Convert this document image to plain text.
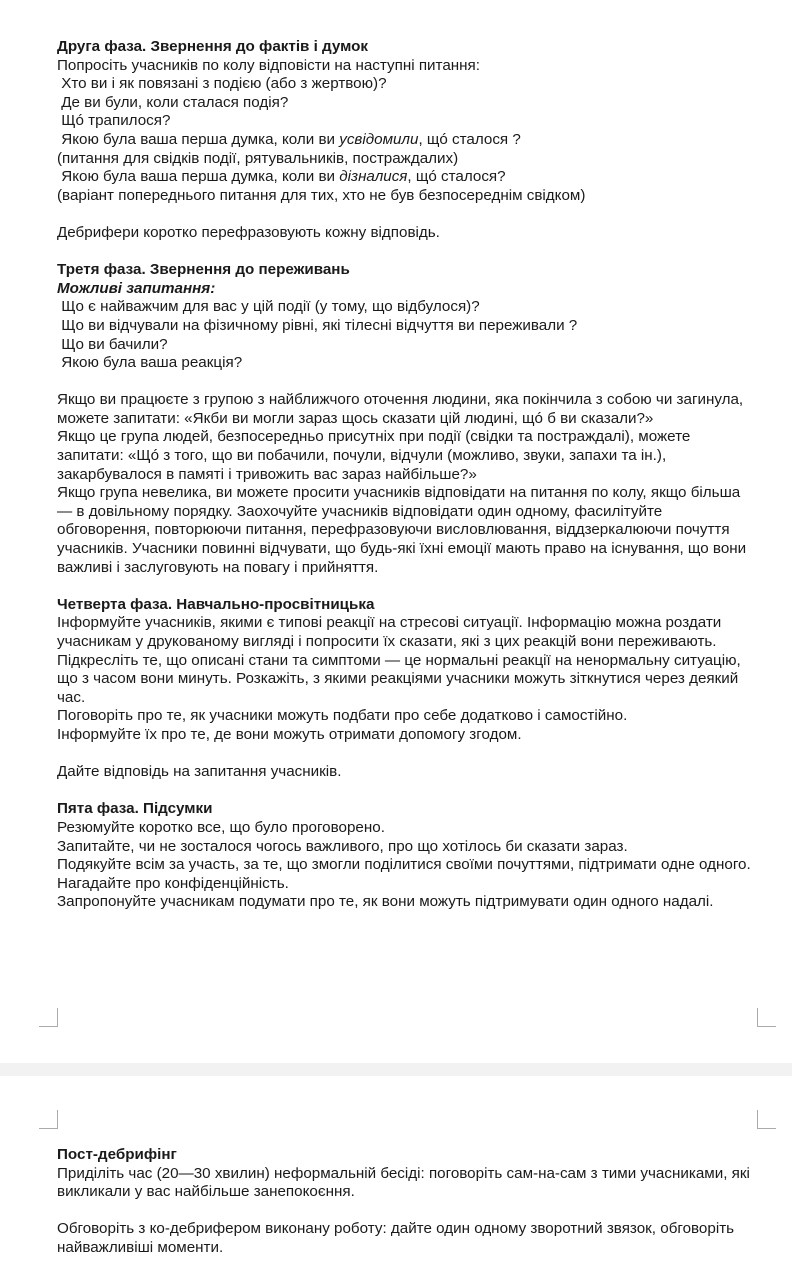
Друга фаза. Звернення до фактів і думок
Попросіть учасників по колу відповісти на наступні питання:
Хто ви і як повязані з подією (або з жертвою)?
Де ви були, коли сталася подія?
Щó трапилося?
Якою була ваша перша думка, коли ви усвідомили, щó сталося ?
(питання для свідків події, рятувальників, постраждалих)
Якою була ваша перша думка, коли ви дізналися, щó сталося?
(варіант попереднього питання для тих, хто не був безпосереднім свідком)
Дебрифери коротко перефразовують кожну відповідь.
Третя фаза. Звернення до переживань
Можливі запитання:
Що є найважчим для вас у цій події (у тому, що відбулося)?
Що ви відчували на фізичному рівні, які тілесні відчуття ви переживали ?
Що ви бачили?
Якою була ваша реакція?
Якщо ви працюєте з групою з найближчого оточення людини, яка покінчила з собою чи загинула, можете запитати: «Якби ви могли зараз щось сказати цій людині, щó б ви сказали?»
Якщо це група людей, безпосередньо присутніх при події (свідки та постраждалі), можете запитати: «Щó з того, що ви побачили, почули, відчули (можливо, звуки, запахи та ін.), закарбувалося в памяті і тривожить вас зараз найбільше?»
Якщо група невелика, ви можете просити учасників відповідати на питання по колу, якщо більша — в довільному порядку. Заохочуйте учасників відповідати один одному, фасилітуйте обговорення, повторюючи питання, перефразовуючи висловлювання, віддзеркалюючи почуття учасників. Учасники повинні відчувати, що будь-які їхні емоції мають право на існування, що вони важливі і заслуговують на повагу і прийняття.
Четверта фаза. Навчально-просвітницька
Інформуйте учасників, якими є типові реакції на стресові ситуації. Інформацію можна роздати учасникам у друкованому вигляді і попросити їх сказати, які з цих реакцій вони переживають.
Підкресліть те, що описані стани та симптоми — це нормальні реакції на ненормальну ситуацію, що з часом вони минуть. Розкажіть, з якими реакціями учасники можуть зіткнутися через деякий час.
Поговоріть про те, як учасники можуть подбати про себе додатково і самостійно.
Інформуйте їх про те, де вони можуть отримати допомогу згодом.
Дайте відповідь на запитання учасників.
Пята фаза. Підсумки
Резюмуйте коротко все, що було проговорено.
Запитайте, чи не зосталося чогось важливого, про що хотілось би сказати зараз.
Подякуйте всім за участь, за те, що змогли поділитися своїми почуттями, підтримати одне одного.
Нагадайте про конфіденційність.
Запропонуйте учасникам подумати про те, як вони можуть підтримувати один одного надалі.
Пост-дебрифінг
Приділіть час (20—30 хвилин) неформальній бесіді: поговоріть сам-на-сам з тими учасниками, які викликали у вас найбільше занепокоєння.
Обговоріть з ко-дебрифером виконану роботу: дайте один одному зворотний звязок, обговоріть найважливіші моменти.
